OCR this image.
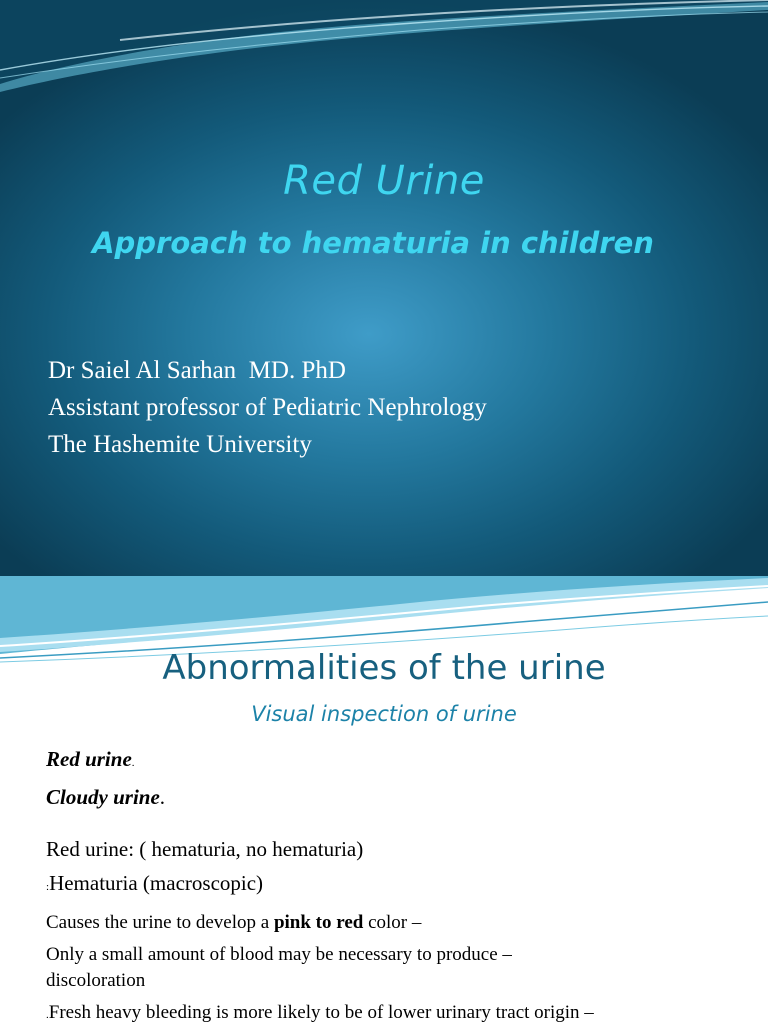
Red Urine
Approach to hematuria in children
Dr Saiel Al Sarhan  MD. PhD
Assistant professor of Pediatric Nephrology
The Hashemite University
Abnormalities of the urine
Visual inspection of urine
Red urine.
Cloudy urine.
Red urine: ( hematuria, no hematuria)
:Hematuria (macroscopic)
Causes the urine to develop a pink to red color –
Only a small amount of blood may be necessary to produce –
discoloration
.Fresh heavy bleeding is more likely to be of lower urinary tract origin –
